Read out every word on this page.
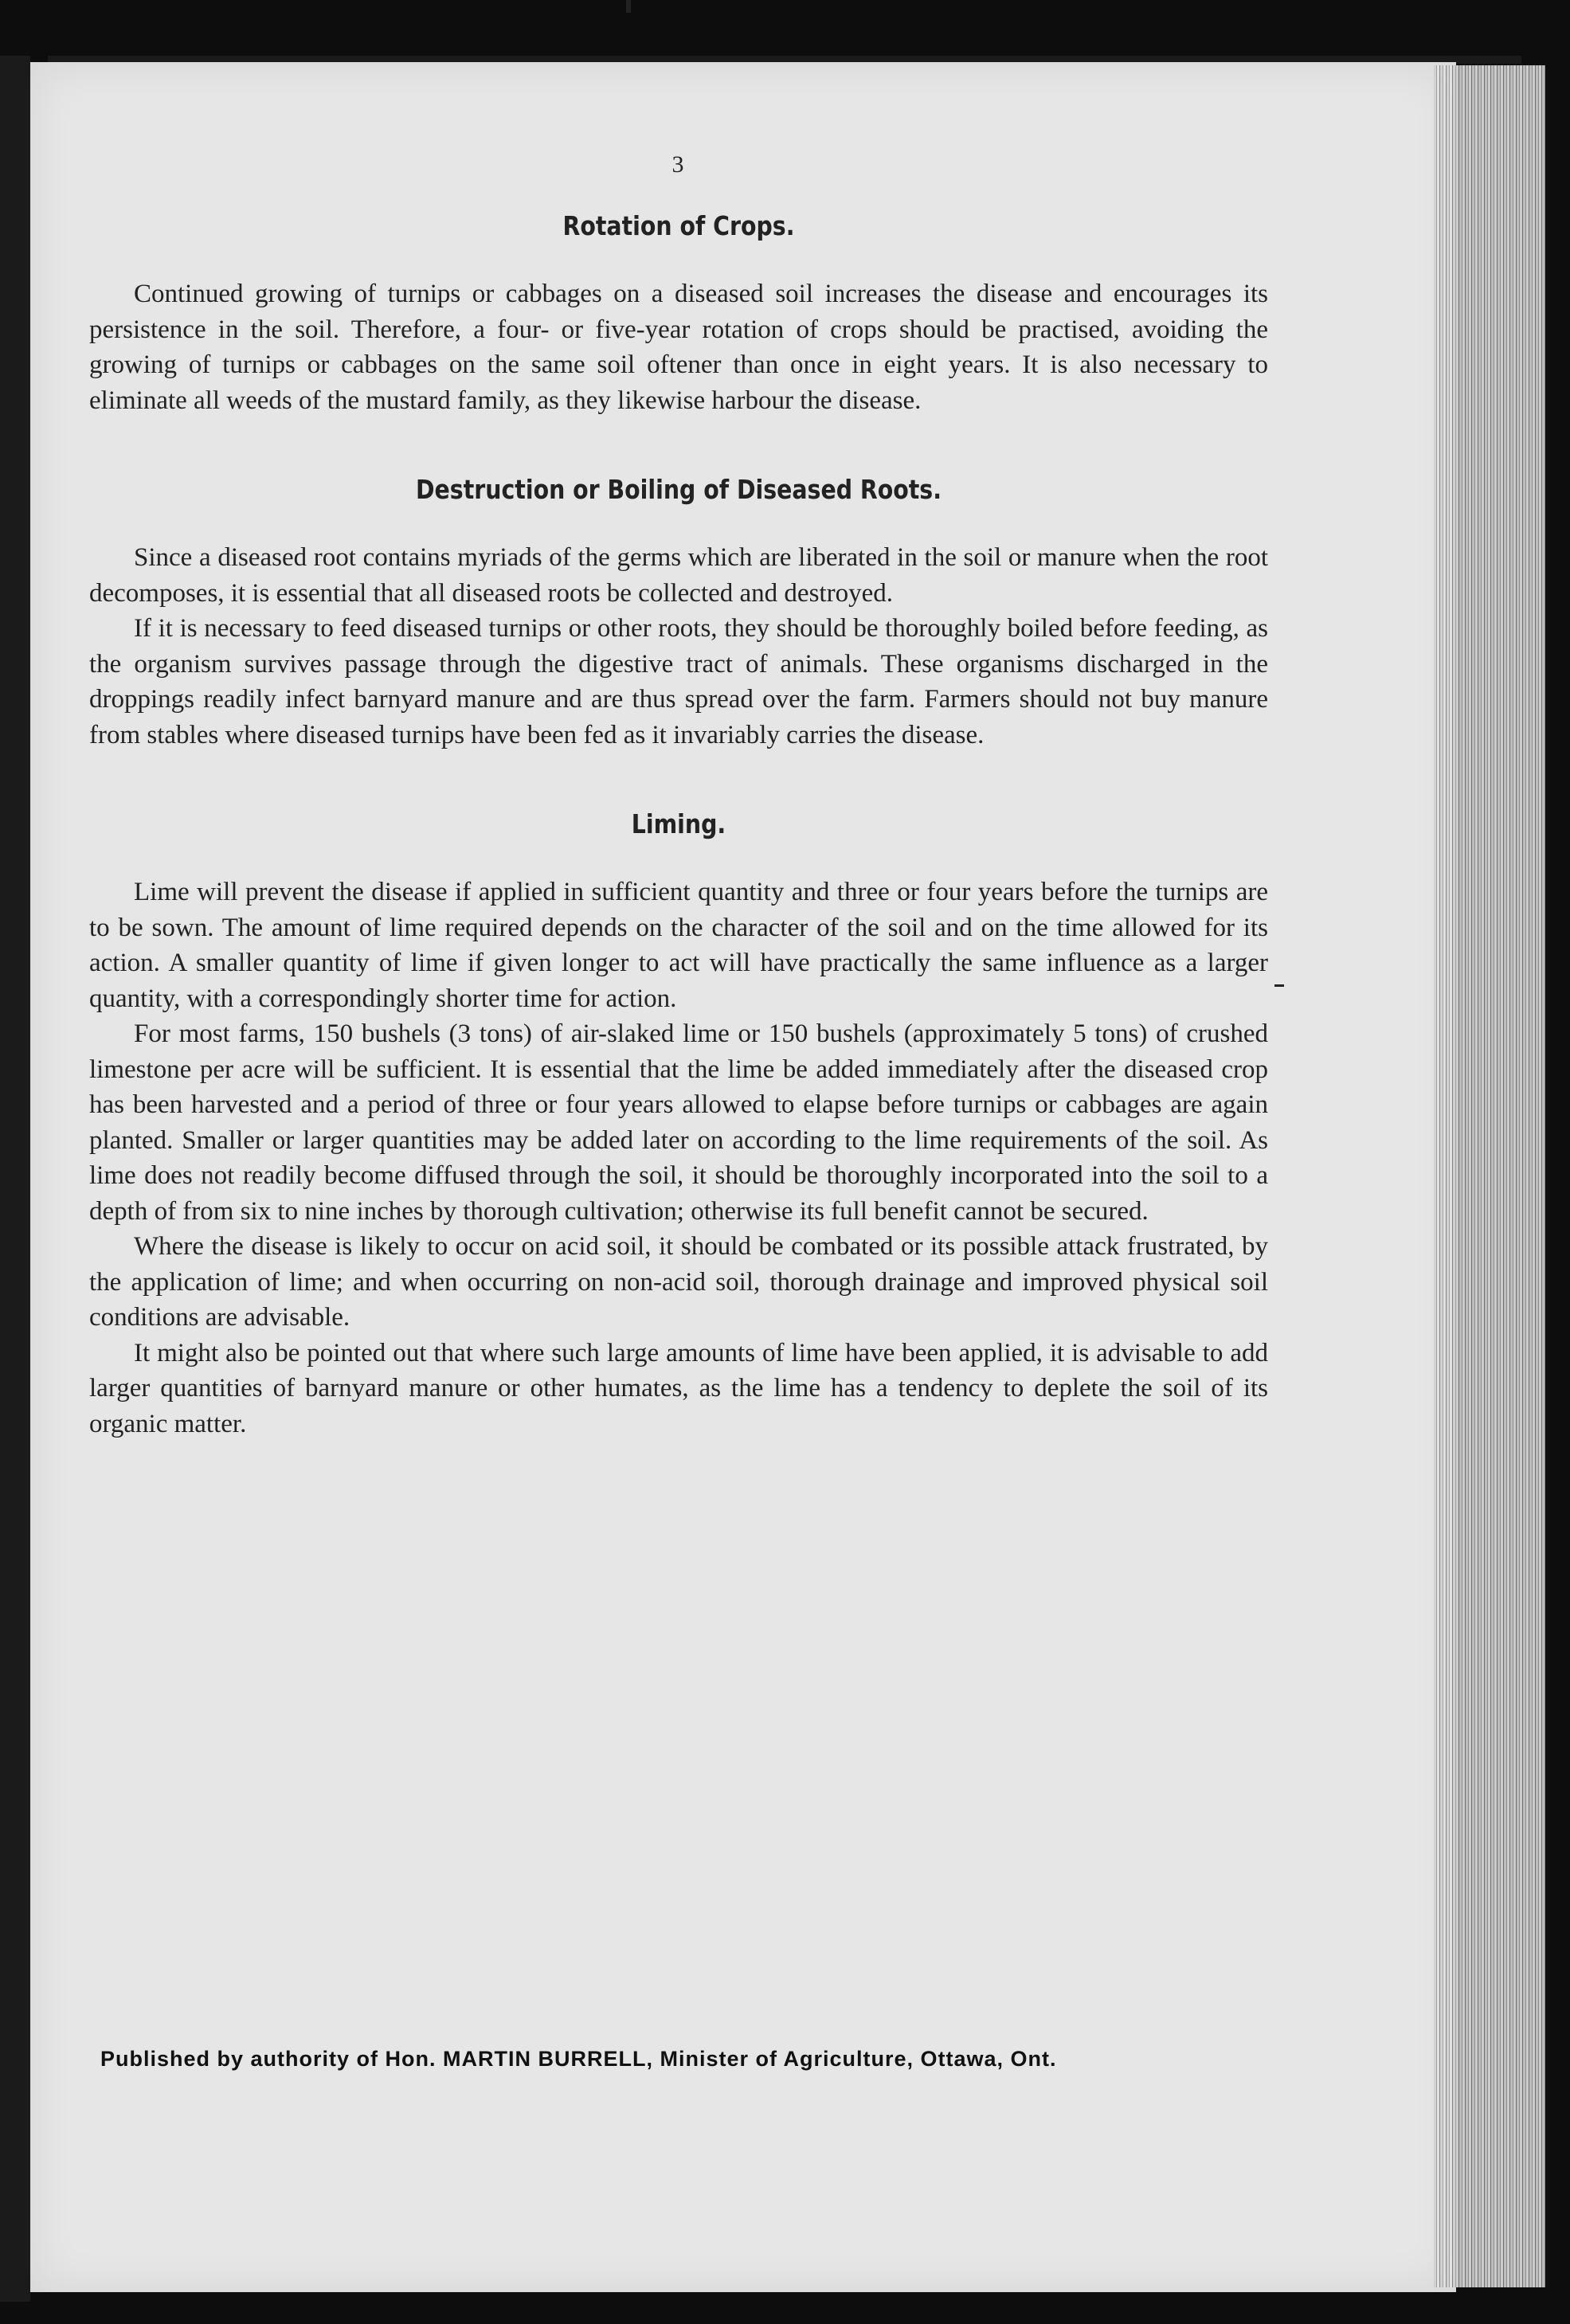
3
Rotation of Crops.

Continued growing of turnips or cabbages on a diseased soil increases the disease and encourages its persistence in the soil. Therefore, a four- or five-year rotation of crops should be practised, avoiding the growing of turnips or cabbages on the same soil oftener than once in eight years. It is also necessary to eliminate all weeds of the mustard family, as they likewise harbour the disease.

Destruction or Boiling of Diseased Roots.

Since a diseased root contains myriads of the germs which are liberated in the soil or manure when the root decomposes, it is essential that all diseased roots be collected and destroyed.

If it is necessary to feed diseased turnips or other roots, they should be thoroughly boiled before feeding, as the organism survives passage through the digestive tract of animals. These organisms discharged in the droppings readily infect barnyard manure and are thus spread over the farm. Farmers should not buy manure from stables where diseased turnips have been fed as it invariably carries the disease.

Liming.

Lime will prevent the disease if applied in sufficient quantity and three or four years before the turnips are to be sown. The amount of lime required depends on the character of the soil and on the time allowed for its action. A smaller quantity of lime if given longer to act will have practically the same influence as a larger quantity, with a correspondingly shorter time for action.

For most farms, 150 bushels (3 tons) of air-slaked lime or 150 bushels (approximately 5 tons) of crushed limestone per acre will be sufficient. It is essential that the lime be added immediately after the diseased crop has been harvested and a period of three or four years allowed to elapse before turnips or cabbages are again planted. Smaller or larger quantities may be added later on according to the lime requirements of the soil. As lime does not readily become diffused through the soil, it should be thoroughly incorporated into the soil to a depth of from six to nine inches by thorough cultivation; otherwise its full benefit cannot be secured.

Where the disease is likely to occur on acid soil, it should be combated or its possible attack frustrated, by the application of lime; and when occurring on non-acid soil, thorough drainage and improved physical soil conditions are advisable.

It might also be pointed out that where such large amounts of lime have been applied, it is advisable to add larger quantities of barnyard manure or other humates, as the lime has a tendency to deplete the soil of its organic matter.

Published by authority of Hon. MARTIN BURRELL, Minister of Agriculture, Ottawa, Ont.
